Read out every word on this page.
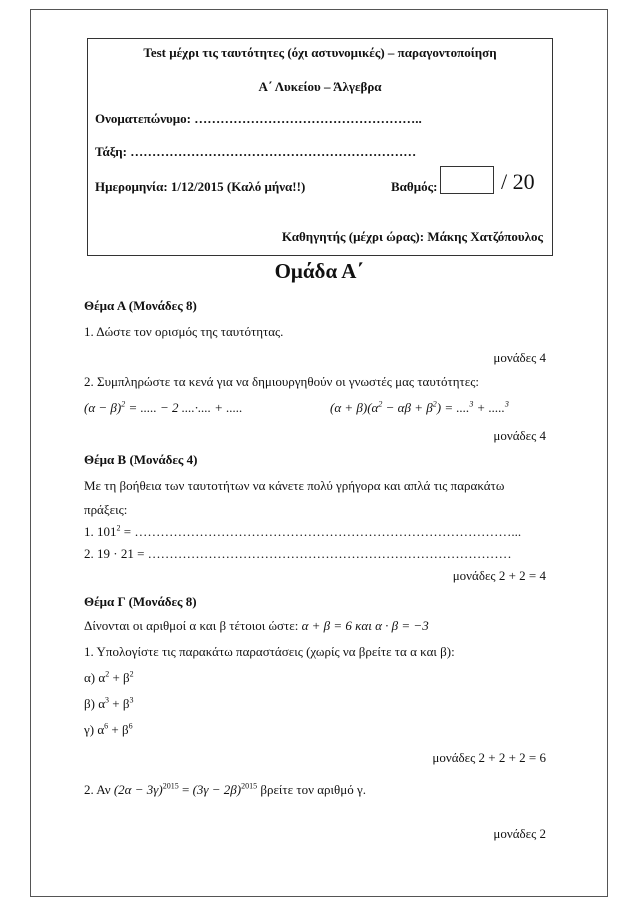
Test μέχρι τις ταυτότητες (όχι αστυνομικές) – παραγοντοποίηση
Α΄ Λυκείου – Άλγεβρα
Ονοματεπώνυμο: ……………………………………………..
Τάξη: …………………………………………………………
Ημερομηνία: 1/12/2015 (Καλό μήνα!!)	Βαθμός:	/ 20
Καθηγητής (μέχρι ώρας): Μάκης Χατζόπουλος
Ομάδα Α΄
Θέμα Α (Μονάδες 8)
1. Δώστε τον ορισμός της ταυτότητας.
μονάδες 4
2. Συμπληρώστε τα κενά για να δημιουργηθούν οι γνωστές μας ταυτότητες:
$(\alpha - \beta)^2$ = ..... − 2 ....·.... + .....	$(\alpha + \beta)(\alpha^2 - \alpha\beta + \beta^2) = ....^3 + .....^3$
μονάδες 4
Θέμα Β (Μονάδες 4)
Με τη βοήθεια των ταυτοτήτων να κάνετε πολύ γρήγορα και απλά τις παρακάτω
πράξεις:
1. $101^2$ = ……………………………………………………………………………...
2. 19 · 21 = …………………………………………………………………………
μονάδες 2 + 2 = 4
Θέμα Γ (Μονάδες 8)
Δίνονται οι αριθμοί α και β τέτοιοι ώστε: α + β = 6 και α · β = −3
1. Υπολογίστε τις παρακάτω παραστάσεις (χωρίς να βρείτε τα α και β):
α) $\alpha^2 + \beta^2$
β) $\alpha^3 + \beta^3$
γ) $\alpha^6 + \beta^6$
μονάδες 2 + 2 + 2 = 6
2. Αν $(2\alpha - 3\gamma)^{2015} = (3\gamma - 2\beta)^{2015}$ βρείτε τον αριθμό γ.
μονάδες 2
